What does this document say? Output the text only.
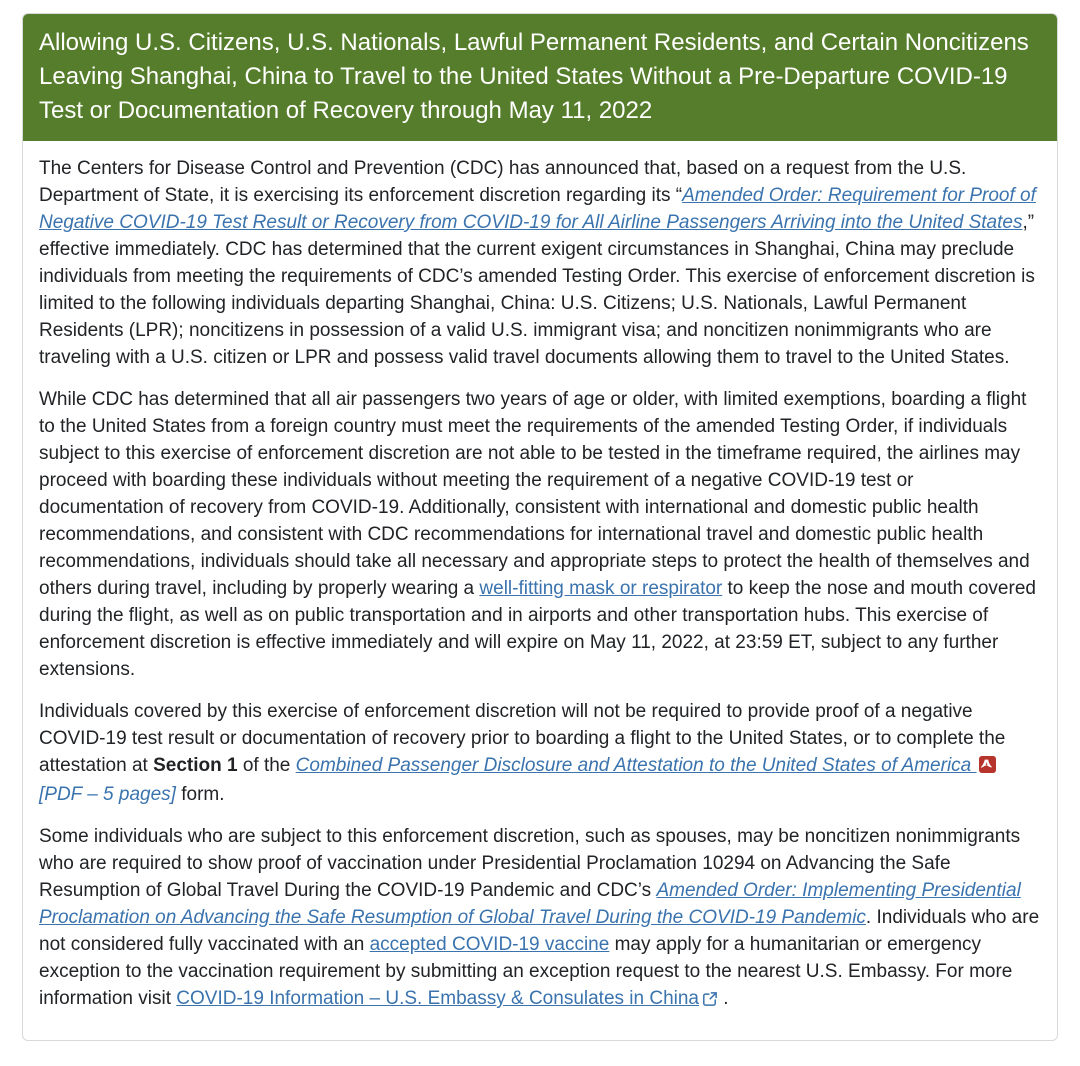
Allowing U.S. Citizens, U.S. Nationals, Lawful Permanent Residents, and Certain Noncitizens Leaving Shanghai, China to Travel to the United States Without a Pre-Departure COVID-19 Test or Documentation of Recovery through May 11, 2022

The Centers for Disease Control and Prevention (CDC) has announced that, based on a request from the U.S. Department of State, it is exercising its enforcement discretion regarding its “Amended Order: Requirement for Proof of Negative COVID-19 Test Result or Recovery from COVID-19 for All Airline Passengers Arriving into the United States,” effective immediately. CDC has determined that the current exigent circumstances in Shanghai, China may preclude individuals from meeting the requirements of CDC’s amended Testing Order. This exercise of enforcement discretion is limited to the following individuals departing Shanghai, China: U.S. Citizens; U.S. Nationals, Lawful Permanent Residents (LPR); noncitizens in possession of a valid U.S. immigrant visa; and noncitizen nonimmigrants who are traveling with a U.S. citizen or LPR and possess valid travel documents allowing them to travel to the United States.

While CDC has determined that all air passengers two years of age or older, with limited exemptions, boarding a flight to the United States from a foreign country must meet the requirements of the amended Testing Order, if individuals subject to this exercise of enforcement discretion are not able to be tested in the timeframe required, the airlines may proceed with boarding these individuals without meeting the requirement of a negative COVID-19 test or documentation of recovery from COVID-19. Additionally, consistent with international and domestic public health recommendations, and consistent with CDC recommendations for international travel and domestic public health recommendations, individuals should take all necessary and appropriate steps to protect the health of themselves and others during travel, including by properly wearing a well-fitting mask or respirator to keep the nose and mouth covered during the flight, as well as on public transportation and in airports and other transportation hubs. This exercise of enforcement discretion is effective immediately and will expire on May 11, 2022, at 23:59 ET, subject to any further extensions.

Individuals covered by this exercise of enforcement discretion will not be required to provide proof of a negative COVID-19 test result or documentation of recovery prior to boarding a flight to the United States, or to complete the attestation at Section 1 of the Combined Passenger Disclosure and Attestation to the United States of America  [PDF – 5 pages] form.

Some individuals who are subject to this enforcement discretion, such as spouses, may be noncitizen nonimmigrants who are required to show proof of vaccination under Presidential Proclamation 10294 on Advancing the Safe Resumption of Global Travel During the COVID-19 Pandemic and CDC’s Amended Order: Implementing Presidential Proclamation on Advancing the Safe Resumption of Global Travel During the COVID-19 Pandemic. Individuals who are not considered fully vaccinated with an accepted COVID-19 vaccine may apply for a humanitarian or emergency exception to the vaccination requirement by submitting an exception request to the nearest U.S. Embassy. For more information visit COVID-19 Information – U.S. Embassy & Consulates in China .
